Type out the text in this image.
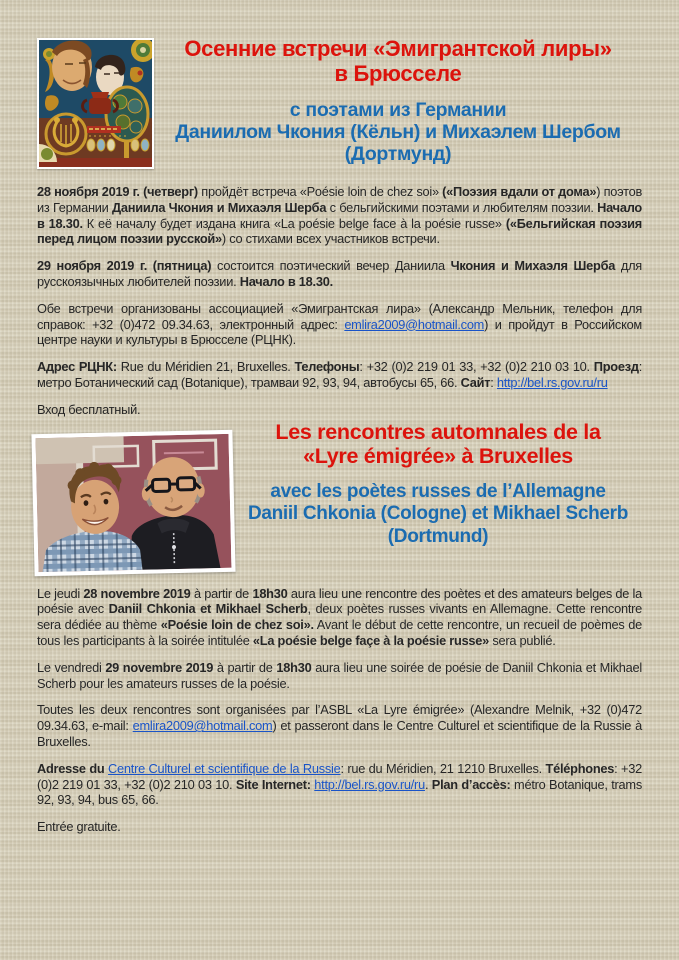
Осенние встречи «Эмигрантской лиры»
в Брюсселе
с поэтами из Германии
Даниилом Чкония (Кёльн) и Михаэлем Шербом
(Дортмунд)

28 ноября 2019 г. (четверг) пройдёт встреча «Poésie loin de chez soi» («Поэзия вдали от дома») поэтов из Германии Даниила Чкония и Михаэля Шерба с бельгийскими поэтами и любителям поэзии. Начало в 18.30. К её началу будет издана книга «La poésie belge face à la poésie russe» («Бельгийская поэзия перед лицом поэзии русской») со стихами всех участников встречи.

29 ноября 2019 г. (пятница) состоится поэтический вечер Даниила Чкония и Михаэля Шерба для русскоязычных любителей поэзии. Начало в 18.30.

Обе встречи организованы ассоциацией «Эмигрантская лира» (Александр Мельник, телефон для справок: +32 (0)472 09.34.63, электронный адрес: emlira2009@hotmail.com) и пройдут в Российском центре науки и культуры в Брюсселе (РЦНК).

Адрес РЦНК: Rue du Méridien 21, Bruxelles. Телефоны: +32 (0)2 219 01 33, +32 (0)2 210 03 10. Проезд: метро Ботанический сад (Botanique), трамваи 92, 93, 94, автобусы 65, 66. Сайт: http://bel.rs.gov.ru/ru

Вход бесплатный.

Les rencontres automnales de la
«Lyre émigrée» à Bruxelles
avec les poètes russes de l’Allemagne
Daniil Chkonia (Cologne) et Mikhael Scherb
(Dortmund)

Le jeudi 28 novembre 2019 à partir de 18h30 aura lieu une rencontre des poètes et des amateurs belges de la poésie avec Daniil Chkonia et Mikhael Scherb, deux poètes russes vivants en Allemagne. Cette rencontre sera dédiée au thème «Poésie loin de chez soi». Avant le début de cette rencontre, un recueil de poèmes de tous les participants à la soirée intitulée «La poésie belge façe à la poésie russe» sera publié.

Le vendredi 29 novembre 2019 à partir de 18h30 aura lieu une soirée de poésie de Daniil Chkonia et Mikhael Scherb pour les amateurs russes de la poésie.

Toutes les deux rencontres sont organisées par l’ASBL «La Lyre émigrée» (Alexandre Melnik, +32 (0)472 09.34.63, e-mail: emlira2009@hotmail.com) et passeront dans le Centre Culturel et scientifique de la Russie à Bruxelles.

Adresse du Centre Culturel et scientifique de la Russie: rue du Méridien, 21 1210 Bruxelles. Téléphones: +32 (0)2 219 01 33, +32 (0)2 210 03 10. Site Internet: http://bel.rs.gov.ru/ru. Plan d’accès: métro Botanique, trams 92, 93, 94, bus 65, 66.

Entrée gratuite.
